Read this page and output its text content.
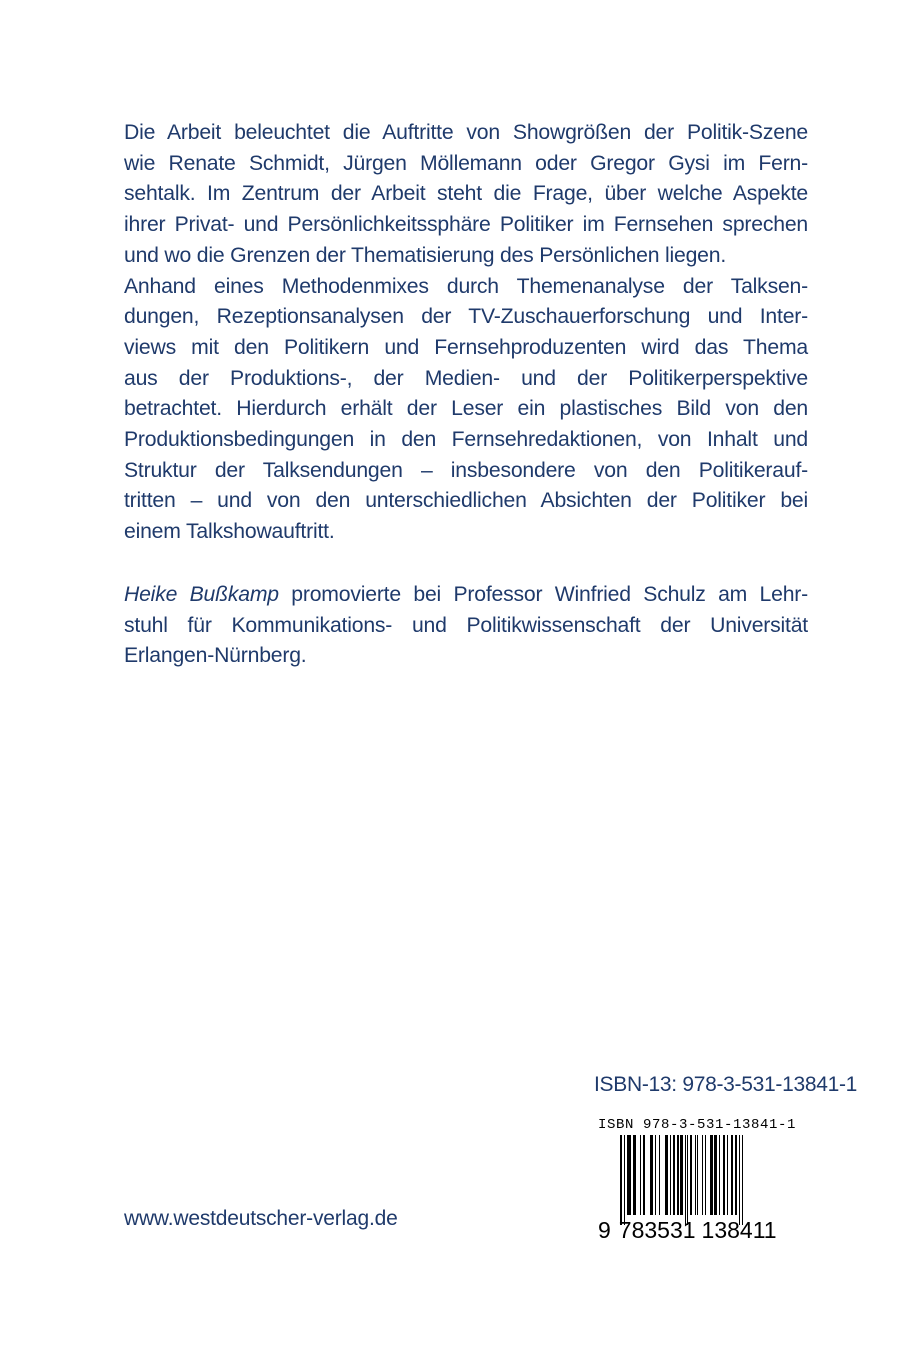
Die Arbeit beleuchtet die Auftritte von Showgrößen der Politik-Szene
wie Renate Schmidt, Jürgen Möllemann oder Gregor Gysi im Fern-
sehtalk. Im Zentrum der Arbeit steht die Frage, über welche Aspekte
ihrer Privat- und Persönlichkeitssphäre Politiker im Fernsehen sprechen
und wo die Grenzen der Thematisierung des Persönlichen liegen.
Anhand eines Methodenmixes durch Themenanalyse der Talksen-
dungen, Rezeptionsanalysen der TV-Zuschauerforschung und Inter-
views mit den Politikern und Fernsehproduzenten wird das Thema
aus der Produktions-, der Medien- und der Politikerperspektive
betrachtet. Hierdurch erhält der Leser ein plastisches Bild von den
Produktionsbedingungen in den Fernsehredaktionen, von Inhalt und
Struktur der Talksendungen – insbesondere von den Politikerauf-
tritten – und von den unterschiedlichen Absichten der Politiker bei
einem Talkshowauftritt.
Heike Bußkamp promovierte bei Professor Winfried Schulz am Lehr-
stuhl für Kommunikations- und Politikwissenschaft der Universität
Erlangen-Nürnberg.
ISBN-13: 978-3-531-13841-1
ISBN 978-3-531-13841-1
9 783531 138411
www.westdeutscher-verlag.de
